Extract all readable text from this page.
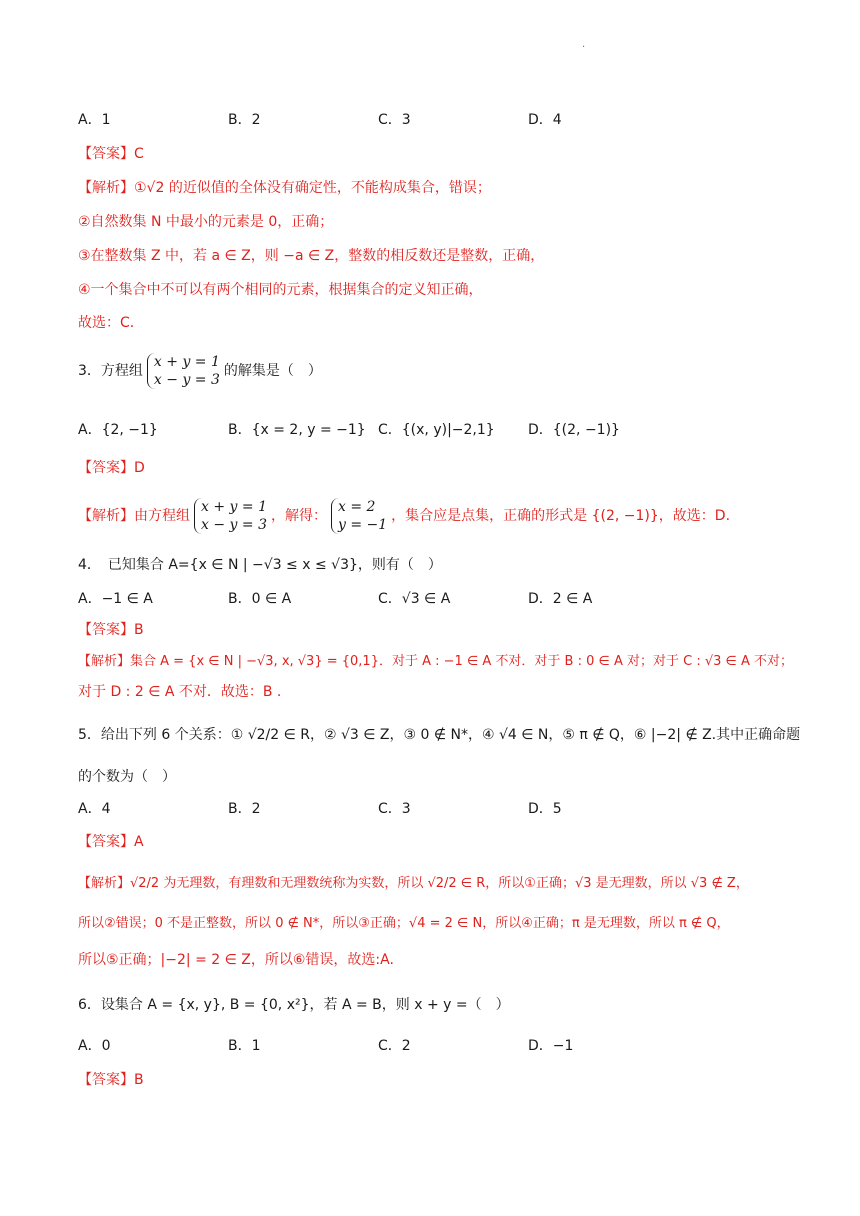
·
A．1	B．2	C．3	D．4
【答案】C
【解析】①√2 的近似值的全体没有确定性，不能构成集合，错误；
②自然数集 N 中最小的元素是 0，正确；
③在整数集 Z 中，若 a ∈ Z，则 −a ∈ Z，整数的相反数还是整数，正确，
④一个集合中不可以有两个相同的元素，根据集合的定义知正确，
故选：C.
3．方程组x + y = 1
x − y = 3的解集是（　）
A．{2, −1}	B．{x = 2, y = −1} C．{(x, y)|−2,1} D．{(2, −1)}
【答案】D
【解析】由方程组x + y = 1
x − y = 3，解得：x = 2
y = −1，集合应是点集，正确的形式是 {(2, −1)}，故选：D.
4．　已知集合 A={x ∈ N | −√3 ≤ x ≤ √3}，则有（　）
A．−1 ∈ A	B．0 ∈ A	C．√3 ∈ A	D．2 ∈ A
【答案】B
【解析】集合 A = {x ∈ N | −√3, x, √3} = {0,1}．对于 A : −1 ∈ A 不对．对于 B : 0 ∈ A 对；对于 C : √3 ∈ A 不对；
对于 D : 2 ∈ A 不对．故选：B .
5．给出下列 6 个关系：① √2/2 ∈ R，② √3 ∈ Z，③ 0 ∉ N*，④ √4 ∈ N，⑤ π ∉ Q，⑥ |−2| ∉ Z.其中正确命题
的个数为（　）
A．4	B．2	C．3	D．5
【答案】A
【解析】√2/2 为无理数，有理数和无理数统称为实数，所以 √2/2 ∈ R，所以①正确；√3 是无理数，所以 √3 ∉ Z，
所以②错误；0 不是正整数，所以 0 ∉ N*，所以③正确；√4 = 2 ∈ N，所以④正确；π 是无理数，所以 π ∉ Q，
所以⑤正确；|−2| = 2 ∈ Z，所以⑥错误，故选:A.
6．设集合 A = {x, y}, B = {0, x²}，若 A = B，则 x + y =（　）
A．0	B．1	C．2	D．−1
【答案】B
